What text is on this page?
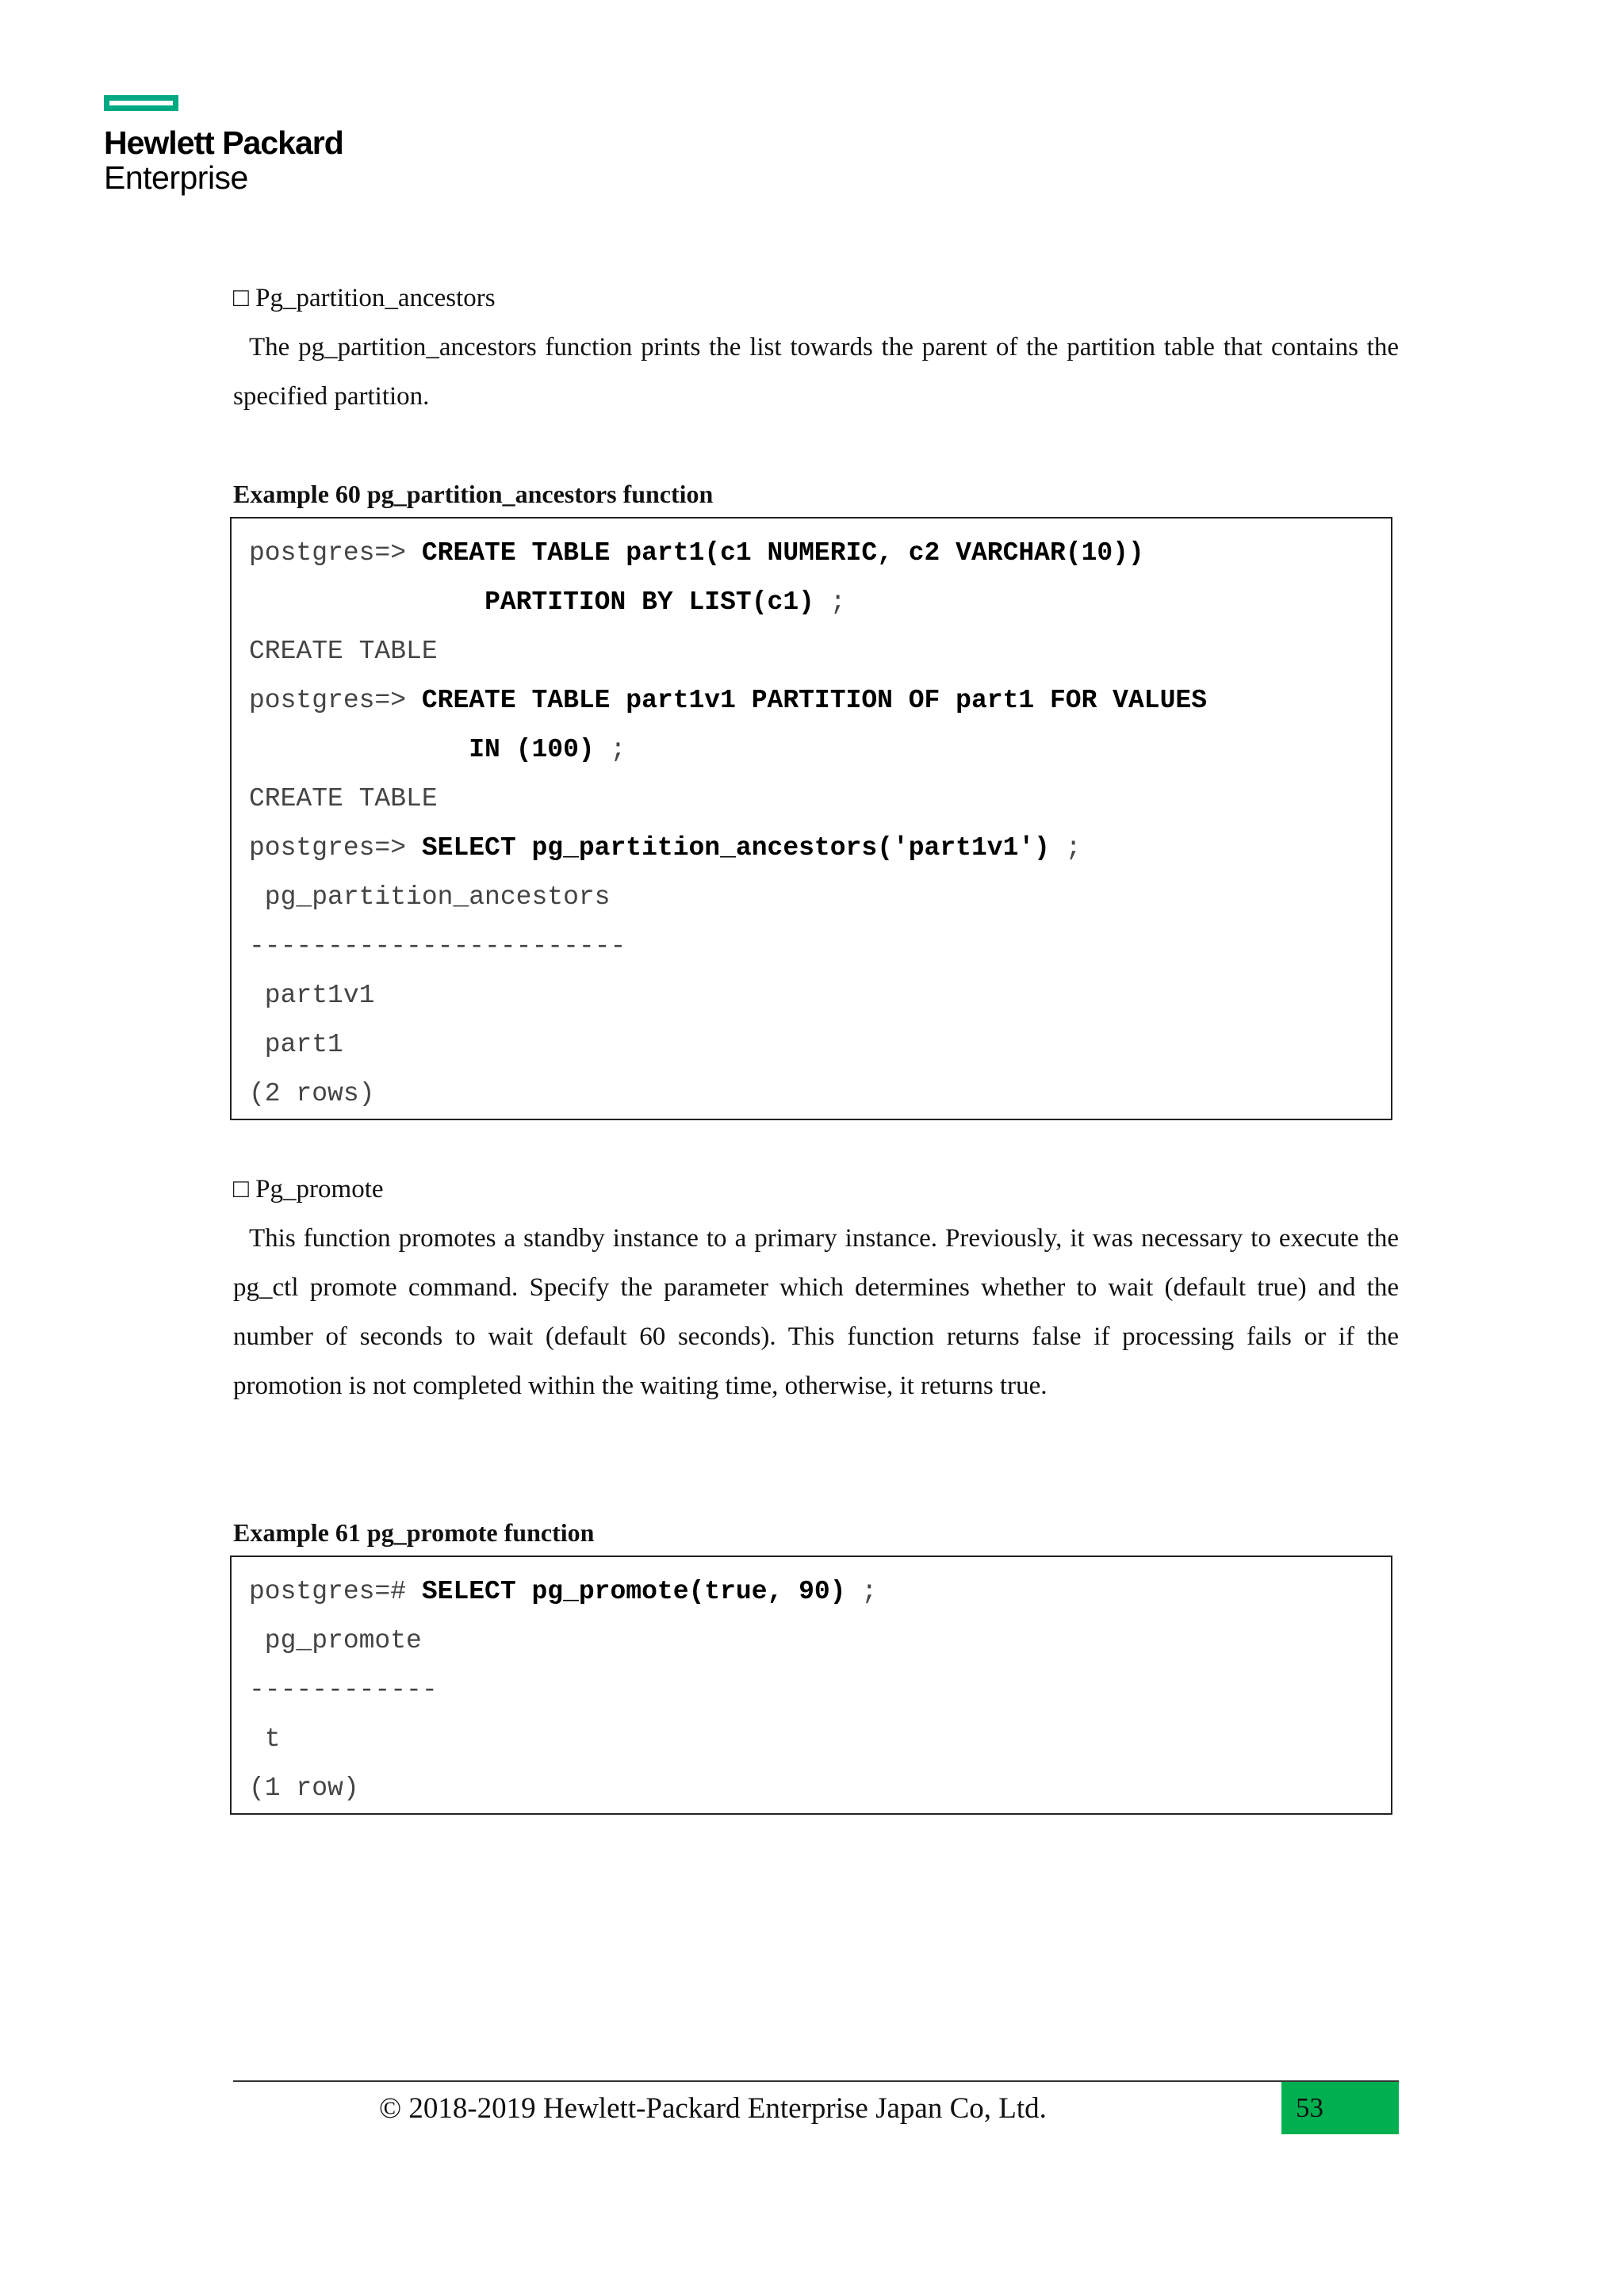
Hewlett Packard
Enterprise
□ Pg_partition_ancestors

The pg_partition_ancestors function prints the list towards the parent of the partition table that contains the specified partition.

Example 60 pg_partition_ancestors function
postgres=> CREATE TABLE part1(c1 NUMERIC, c2 VARCHAR(10))
PARTITION BY LIST(c1) ;
CREATE TABLE
postgres=> CREATE TABLE part1v1 PARTITION OF part1 FOR VALUES
IN (100) ;
CREATE TABLE
postgres=> SELECT pg_partition_ancestors('part1v1') ;
pg_partition_ancestors
------------------------
part1v1
part1
(2 rows)
□ Pg_promote

This function promotes a standby instance to a primary instance. Previously, it was necessary to execute the pg_ctl promote command. Specify the parameter which determines whether to wait (default true) and the number of seconds to wait (default 60 seconds). This function returns false if processing fails or if the promotion is not completed within the waiting time, otherwise, it returns true.

Example 61 pg_promote function
postgres=# SELECT pg_promote(true, 90) ;
pg_promote
------------
t
(1 row)
© 2018-2019 Hewlett-Packard Enterprise Japan Co, Ltd.	53
